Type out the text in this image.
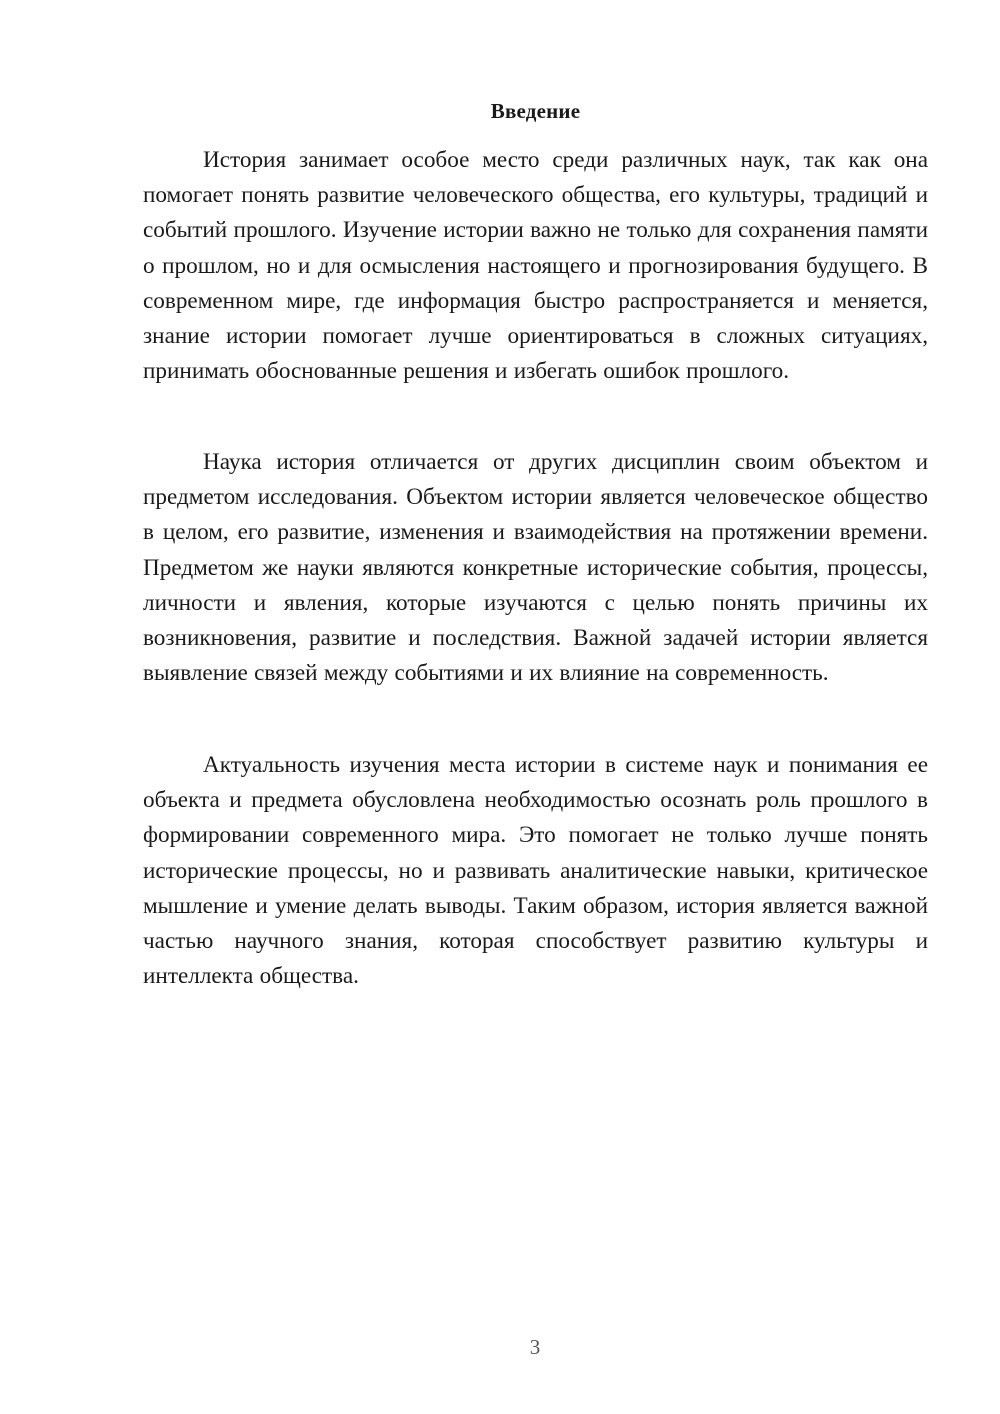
Введение

История занимает особое место среди различных наук, так как она помогает понять развитие человеческого общества, его культуры, традиций и событий прошлого. Изучение истории важно не только для сохранения памяти о прошлом, но и для осмысления настоящего и прогнозирования будущего. В современном мире, где информация быстро распространяется и меняется, знание истории помогает лучше ориентироваться в сложных ситуациях, принимать обоснованные решения и избегать ошибок прошлого.

Наука история отличается от других дисциплин своим объектом и предметом исследования. Объектом истории является человеческое общество в целом, его развитие, изменения и взаимодействия на протяжении времени. Предметом же науки являются конкретные исторические события, процессы, личности и явления, которые изучаются с целью понять причины их возникновения, развитие и последствия. Важной задачей истории является выявление связей между событиями и их влияние на современность.

Актуальность изучения места истории в системе наук и понимания ее объекта и предмета обусловлена необходимостью осознать роль прошлого в формировании современного мира. Это помогает не только лучше понять исторические процессы, но и развивать аналитические навыки, критическое мышление и умение делать выводы. Таким образом, история является важной частью научного знания, которая способствует развитию культуры и интеллекта общества.

3
